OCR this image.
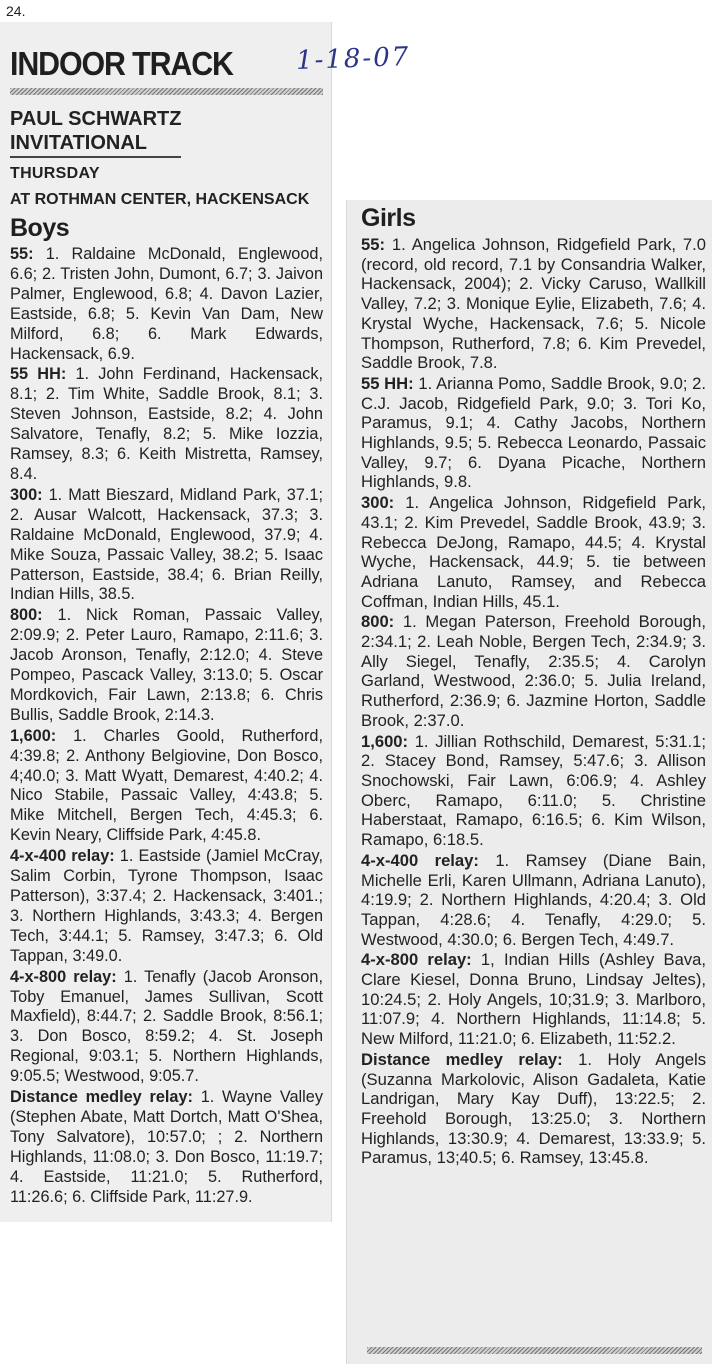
24.
INDOOR TRACK
PAUL SCHWARTZ
INVITATIONAL
THURSDAY
AT ROTHMAN CENTER, HACKENSACK
Boys

55: 1. Raldaine McDonald, Englewood, 6.6; 2. Tristen John, Dumont, 6.7; 3. Jaivon Palmer, Englewood, 6.8; 4. Davon Lazier, Eastside, 6.8; 5. Kevin Van Dam, New Milford, 6.8; 6. Mark Edwards, Hackensack, 6.9.

55 HH: 1. John Ferdinand, Hackensack, 8.1; 2. Tim White, Saddle Brook, 8.1; 3. Steven Johnson, Eastside, 8.2; 4. John Salvatore, Tenafly, 8.2; 5. Mike Iozzia, Ramsey, 8.3; 6. Keith Mistretta, Ramsey, 8.4.

300: 1. Matt Bieszard, Midland Park, 37.1; 2. Ausar Walcott, Hackensack, 37.3; 3. Raldaine McDonald, Englewood, 37.9; 4. Mike Souza, Passaic Valley, 38.2; 5. Isaac Patterson, Eastside, 38.4; 6. Brian Reilly, Indian Hills, 38.5.

800: 1. Nick Roman, Passaic Valley, 2:09.9; 2. Peter Lauro, Ramapo, 2:11.6; 3. Jacob Aronson, Tenafly, 2:12.0; 4. Steve Pompeo, Pascack Valley, 3:13.0; 5. Oscar Mordkovich, Fair Lawn, 2:13.8; 6. Chris Bullis, Saddle Brook, 2:14.3.

1,600: 1. Charles Goold, Rutherford, 4:39.8; 2. Anthony Belgiovine, Don Bosco, 4;40.0; 3. Matt Wyatt, Demarest, 4:40.2; 4. Nico Stabile, Passaic Valley, 4:43.8; 5. Mike Mitchell, Bergen Tech, 4:45.3; 6. Kevin Neary, Cliffside Park, 4:45.8.

4-x-400 relay: 1. Eastside (Jamiel McCray, Salim Corbin, Tyrone Thompson, Isaac Patterson), 3:37.4; 2. Hackensack, 3:401.; 3. Northern Highlands, 3:43.3; 4. Bergen Tech, 3:44.1; 5. Ramsey, 3:47.3; 6. Old Tappan, 3:49.0.

4-x-800 relay: 1. Tenafly (Jacob Aronson, Toby Emanuel, James Sullivan, Scott Maxfield), 8:44.7; 2. Saddle Brook, 8:56.1; 3. Don Bosco, 8:59.2; 4. St. Joseph Regional, 9:03.1; 5. Northern Highlands, 9:05.5; Westwood, 9:05.7.

Distance medley relay: 1. Wayne Valley (Stephen Abate, Matt Dortch, Matt O'Shea, Tony Salvatore), 10:57.0; ; 2. Northern Highlands, 11:08.0; 3. Don Bosco, 11:19.7; 4. Eastside, 11:21.0; 5. Rutherford, 11:26.6; 6. Cliffside Park, 11:27.9.

1-18-07
Girls

55: 1. Angelica Johnson, Ridgefield Park, 7.0 (record, old record, 7.1 by Consandria Walker, Hackensack, 2004); 2. Vicky Caruso, Wallkill Valley, 7.2; 3. Monique Eylie, Elizabeth, 7.6; 4. Krystal Wyche, Hackensack, 7.6; 5. Nicole Thompson, Rutherford, 7.8; 6. Kim Prevedel, Saddle Brook, 7.8.

55 HH: 1. Arianna Pomo, Saddle Brook, 9.0; 2. C.J. Jacob, Ridgefield Park, 9.0; 3. Tori Ko, Paramus, 9.1; 4. Cathy Jacobs, Northern Highlands, 9.5; 5. Rebecca Leonardo, Passaic Valley, 9.7; 6. Dyana Picache, Northern Highlands, 9.8.

300: 1. Angelica Johnson, Ridgefield Park, 43.1; 2. Kim Prevedel, Saddle Brook, 43.9; 3. Rebecca DeJong, Ramapo, 44.5; 4. Krystal Wyche, Hackensack, 44.9; 5. tie between Adriana Lanuto, Ramsey, and Rebecca Coffman, Indian Hills, 45.1.

800: 1. Megan Paterson, Freehold Borough, 2:34.1; 2. Leah Noble, Bergen Tech, 2:34.9; 3. Ally Siegel, Tenafly, 2:35.5; 4. Carolyn Garland, Westwood, 2:36.0; 5. Julia Ireland, Rutherford, 2:36.9; 6. Jazmine Horton, Saddle Brook, 2:37.0.

1,600: 1. Jillian Rothschild, Demarest, 5:31.1; 2. Stacey Bond, Ramsey, 5:47.6; 3. Allison Snochowski, Fair Lawn, 6:06.9; 4. Ashley Oberc, Ramapo, 6:11.0; 5. Christine Haberstaat, Ramapo, 6:16.5; 6. Kim Wilson, Ramapo, 6:18.5.

4-x-400 relay: 1. Ramsey (Diane Bain, Michelle Erli, Karen Ullmann, Adriana Lanuto), 4:19.9; 2. Northern Highlands, 4:20.4; 3. Old Tappan, 4:28.6; 4. Tenafly, 4:29.0; 5. Westwood, 4:30.0; 6. Bergen Tech, 4:49.7.

4-x-800 relay: 1, Indian Hills (Ashley Bava, Clare Kiesel, Donna Bruno, Lindsay Jeltes), 10:24.5; 2. Holy Angels, 10;31.9; 3. Marlboro, 11:07.9; 4. Northern Highlands, 11:14.8; 5. New Milford, 11:21.0; 6. Elizabeth, 11:52.2.

Distance medley relay: 1. Holy Angels (Suzanna Markolovic, Alison Gadaleta, Katie Landrigan, Mary Kay Duff), 13:22.5; 2. Freehold Borough, 13:25.0; 3. Northern Highlands, 13:30.9; 4. Demarest, 13:33.9; 5. Paramus, 13;40.5; 6. Ramsey, 13:45.8.
